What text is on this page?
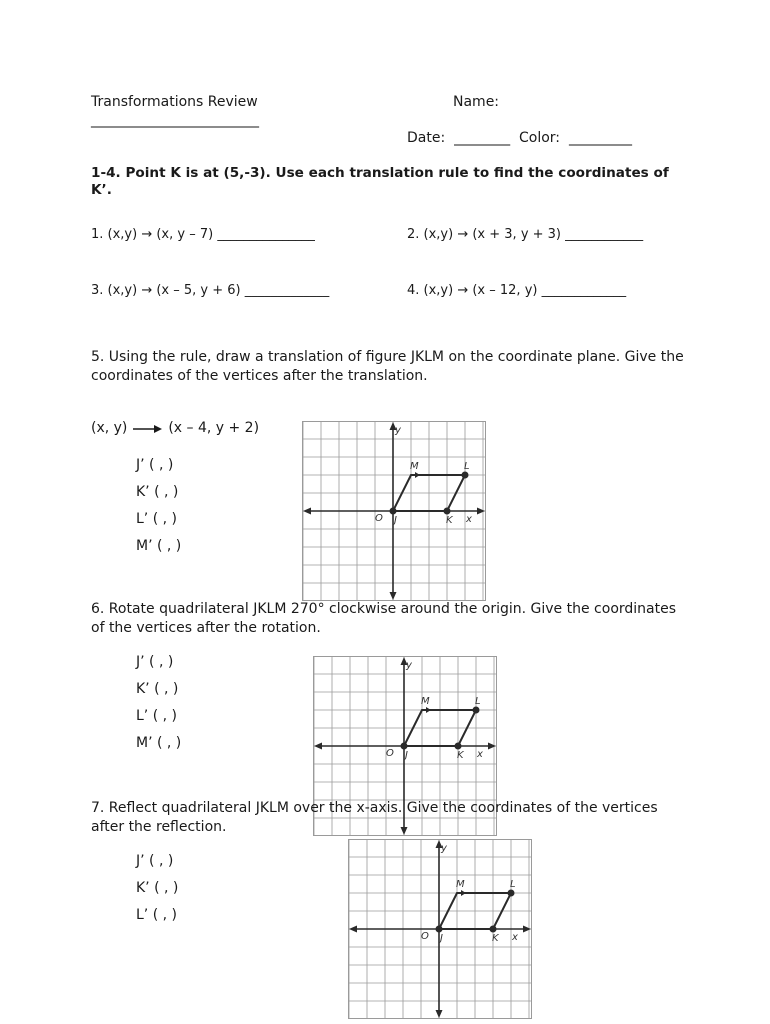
Transformations Review	Name:
________________________
Date: ________ Color: _________
1-4. Point K is at (5,-3). Use each translation rule to find the coordinates of K’.
1. (x,y) → (x, y – 7) _______________	2. (x,y) → (x + 3, y + 3) ____________
3. (x,y) → (x – 5, y + 6) _____________	4. (x,y) → (x – 12, y) _____________
5. Using the rule, draw a translation of figure JKLM on the coordinate plane. Give the coordinates of the vertices after the translation.
(x, y)	(x – 4, y + 2)
J’ ( , )
K’ ( , )
L’ ( , )
M’ ( , )
y
x
O J	K
L
M
6. Rotate quadrilateral JKLM 270° clockwise around the origin. Give the coordinates of the vertices after the rotation.
J’ ( , )
K’ ( , )
L’ ( , )
M’ ( , )
y
x
O J	K
L
M
7. Reflect quadrilateral JKLM over the x-axis. Give the coordinates of the vertices after the reflection.
J’ ( , )
K’ ( , )
L’ ( , )
y
x
O J	K
L
M
